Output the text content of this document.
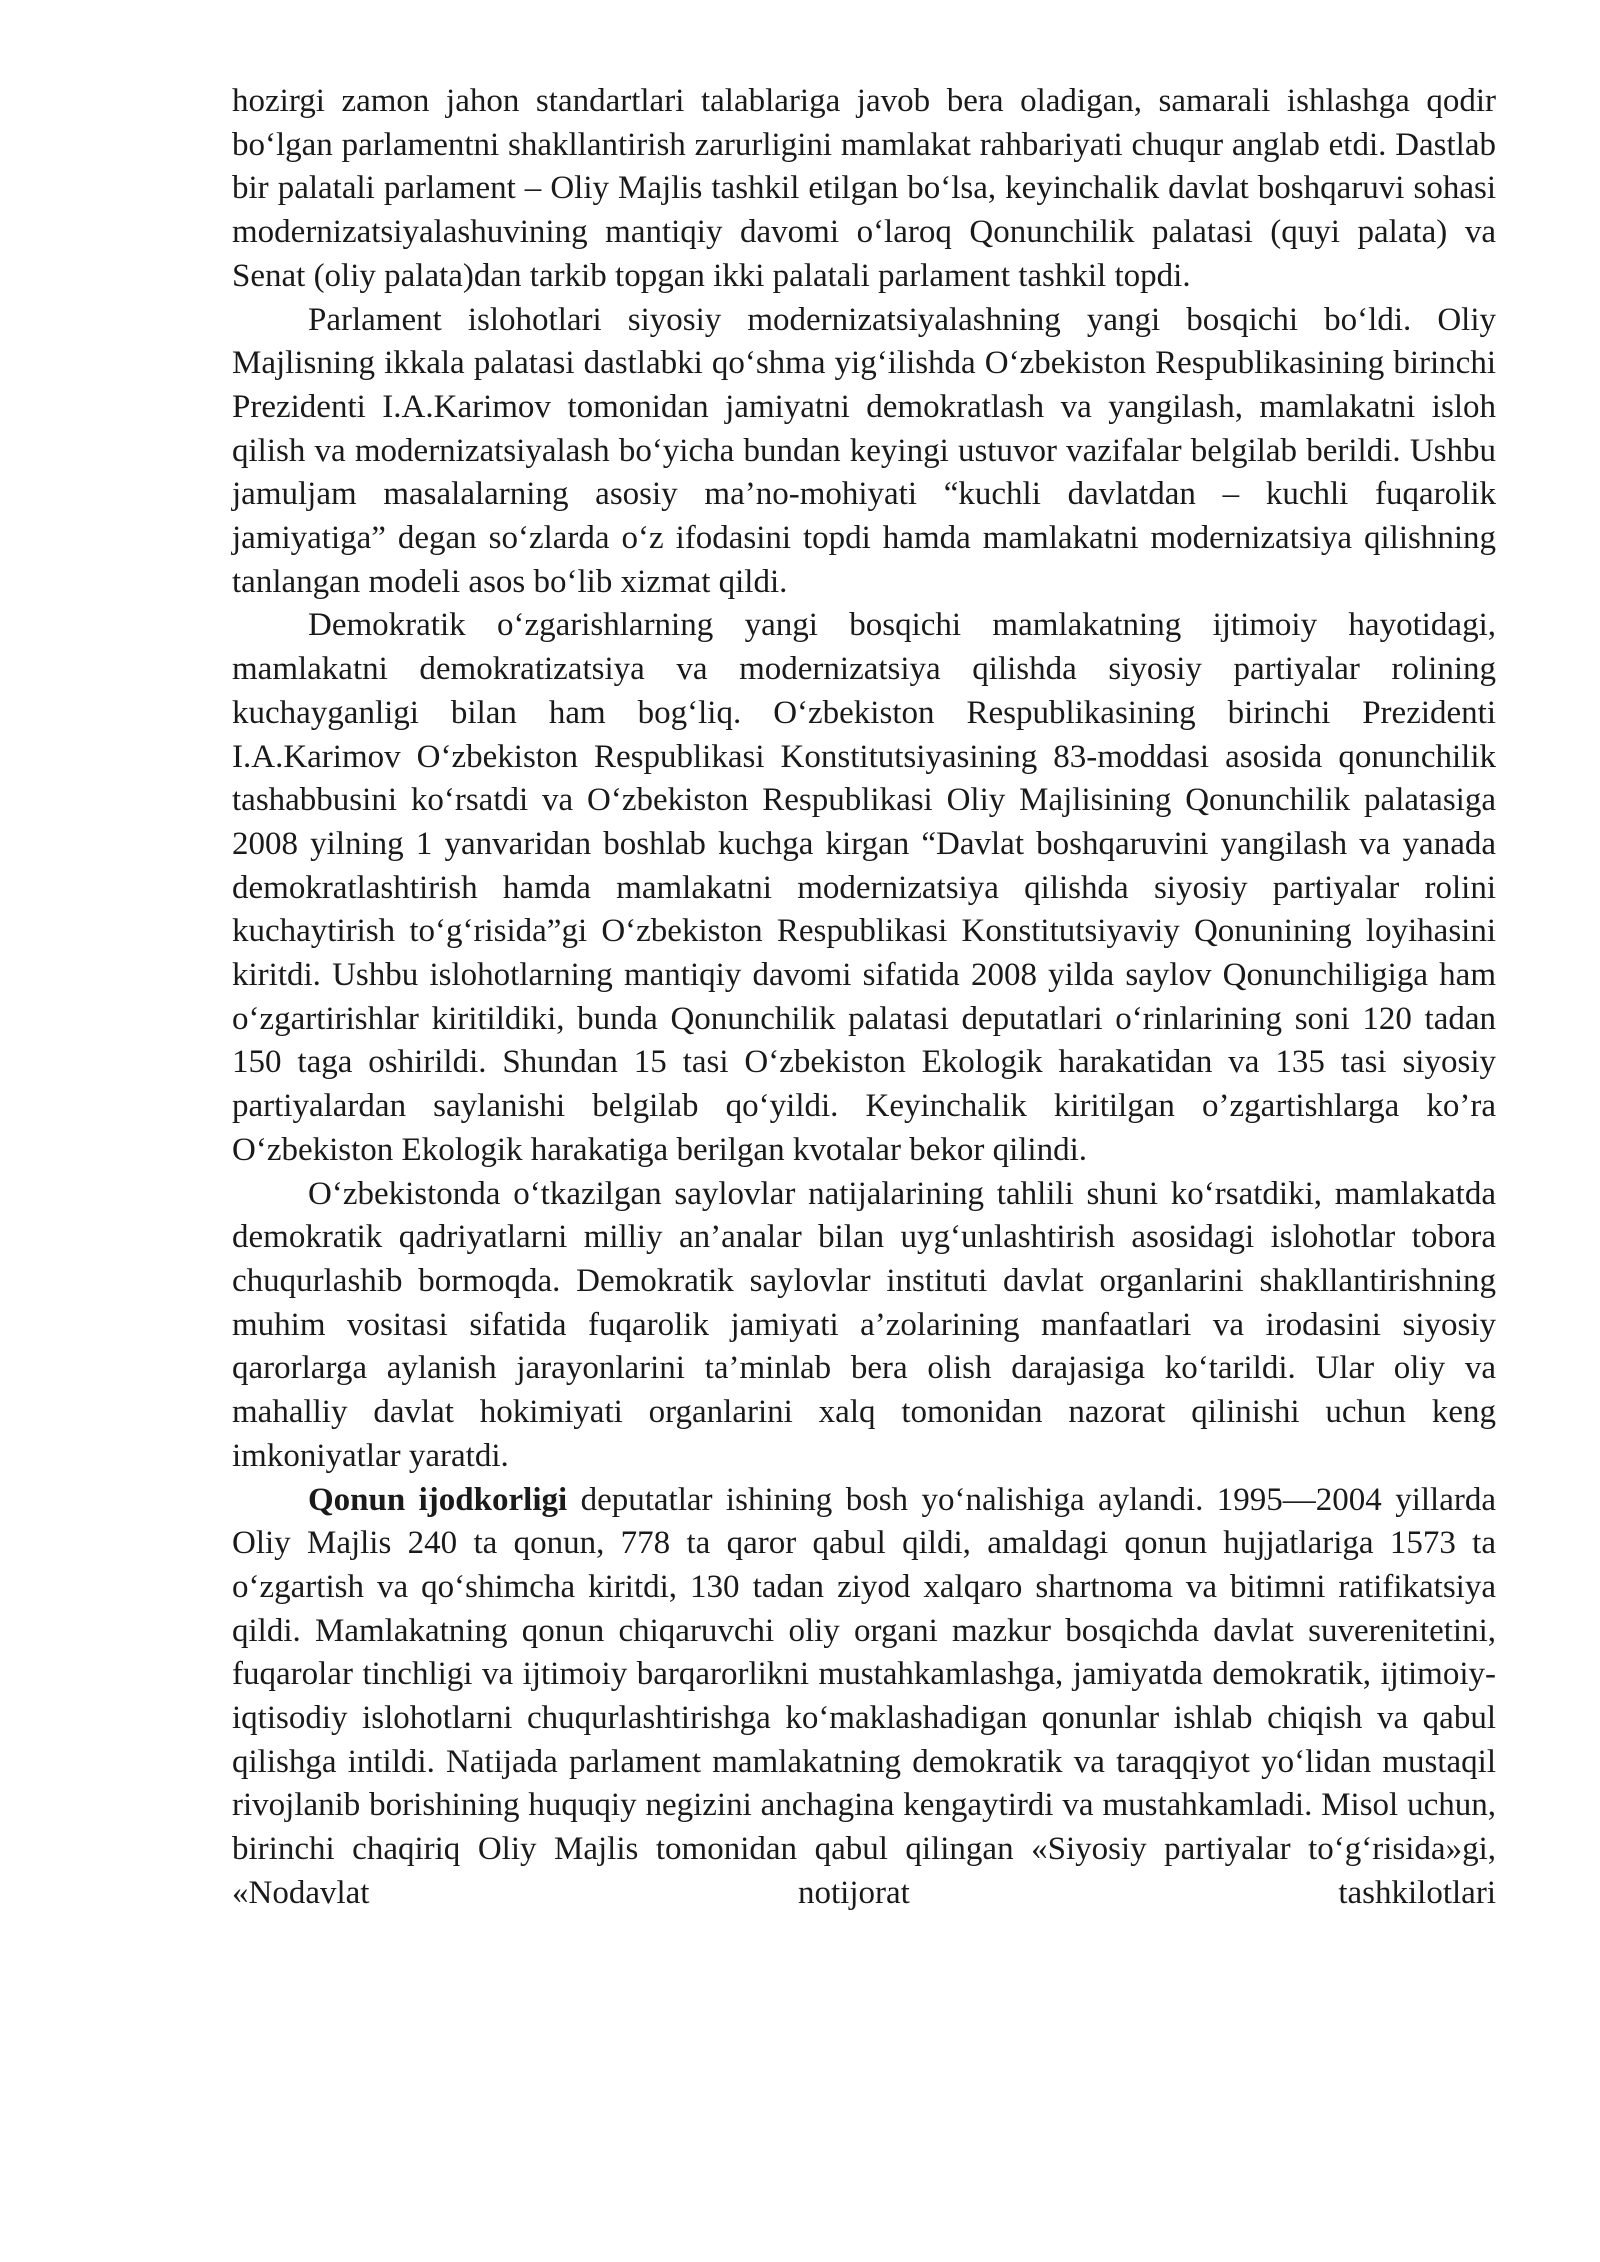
hozirgi zamon jahon standartlari talablariga javob bera oladigan, samarali ishlashga qodir bo‘lgan parlamentni shakllantirish zarurligini mamlakat rahbariyati chuqur anglab etdi. Dastlab bir palatali parlament – Oliy Majlis tashkil etilgan bo‘lsa, keyinchalik davlat boshqaruvi sohasi modernizatsiyalashuvining mantiqiy davomi o‘laroq Qonunchilik palatasi (quyi palata) va Senat (oliy palata)dan tarkib topgan ikki palatali parlament tashkil topdi.

Parlament islohotlari siyosiy modernizatsiyalashning yangi bosqichi bo‘ldi. Oliy Majlisning ikkala palatasi dastlabki qo‘shma yig‘ilishda O‘zbekiston Respublikasining birinchi Prezidenti I.A.Karimov tomonidan jamiyatni demokratlash va yangilash, mamlakatni isloh qilish va modernizatsiyalash bo‘yicha bundan keyingi ustuvor vazifalar belgilab berildi. Ushbu jamuljam masalalarning asosiy ma’no-mohiyati “kuchli davlatdan – kuchli fuqarolik jamiyatiga” degan so‘zlarda o‘z ifodasini topdi hamda mamlakatni modernizatsiya qilishning tanlangan modeli asos bo‘lib xizmat qildi.

Demokratik o‘zgarishlarning yangi bosqichi mamlakatning ijtimoiy hayotidagi, mamlakatni demokratizatsiya va modernizatsiya qilishda siyosiy partiyalar rolining kuchayganligi bilan ham bog‘liq. O‘zbekiston Respublikasining birinchi Prezidenti I.A.Karimov O‘zbekiston Respublikasi Konstitutsiyasining 83-moddasi asosida qonunchilik tashabbusini ko‘rsatdi va O‘zbekiston Respublikasi Oliy Majlisining Qonunchilik palatasiga 2008 yilning 1 yanvaridan boshlab kuchga kirgan “Davlat boshqaruvini yangilash va yanada demokratlashtirish hamda mamlakatni modernizatsiya qilishda siyosiy partiyalar rolini kuchaytirish to‘g‘risida”gi O‘zbekiston Respublikasi Konstitutsiyaviy Qonunining loyihasini kiritdi. Ushbu islohotlarning mantiqiy davomi sifatida 2008 yilda saylov Qonunchiligiga ham o‘zgartirishlar kiritildiki, bunda Qonunchilik palatasi deputatlari o‘rinlarining soni 120 tadan 150 taga oshirildi. Shundan 15 tasi O‘zbekiston Ekologik harakatidan va 135 tasi siyosiy partiyalardan saylanishi belgilab qo‘yildi. Keyinchalik kiritilgan o’zgartishlarga ko’ra O‘zbekiston Ekologik harakatiga berilgan kvotalar bekor qilindi.

O‘zbekistonda o‘tkazilgan saylovlar natijalarining tahlili shuni ko‘rsatdiki, mamlakatda demokratik qadriyatlarni milliy an’analar bilan uyg‘unlashtirish asosidagi islohotlar tobora chuqurlashib bormoqda. Demokratik saylovlar instituti davlat organlarini shakllantirishning muhim vositasi sifatida fuqarolik jamiyati a’zolarining manfaatlari va irodasini siyosiy qarorlarga aylanish jarayonlarini ta’minlab bera olish darajasiga ko‘tarildi. Ular oliy va mahalliy davlat hokimiyati organlarini xalq tomonidan nazorat qilinishi uchun keng imkoniyatlar yaratdi.

Qonun ijodkorligi deputatlar ishining bosh yo‘nalishiga aylandi. 1995—2004 yillarda Oliy Majlis 240 ta qonun, 778 ta qaror qabul qildi, amaldagi qonun hujjatlariga 1573 ta o‘zgartish va qo‘shimcha kiritdi, 130 tadan ziyod xalqaro shartnoma va bitimni ratifikatsiya qildi. Mamlakatning qonun chiqaruvchi oliy organi mazkur bosqichda davlat suverenitetini, fuqarolar tinchligi va ijtimoiy barqarorlikni mustahkamlashga, jamiyatda demokratik, ijtimoiy-iqtisodiy islohotlarni chuqurlashtirishga ko‘maklashadigan qonunlar ishlab chiqish va qabul qilishga intildi. Natijada parlament mamlakatning demokratik va taraqqiyot yo‘lidan mustaqil rivojlanib borishining huquqiy negizini anchagina kengaytirdi va mustahkamladi. Misol uchun, birinchi chaqiriq Oliy Majlis tomonidan qabul qilingan «Siyosiy partiyalar to‘g‘risida»gi, «Nodavlat notijorat tashkilotlari
